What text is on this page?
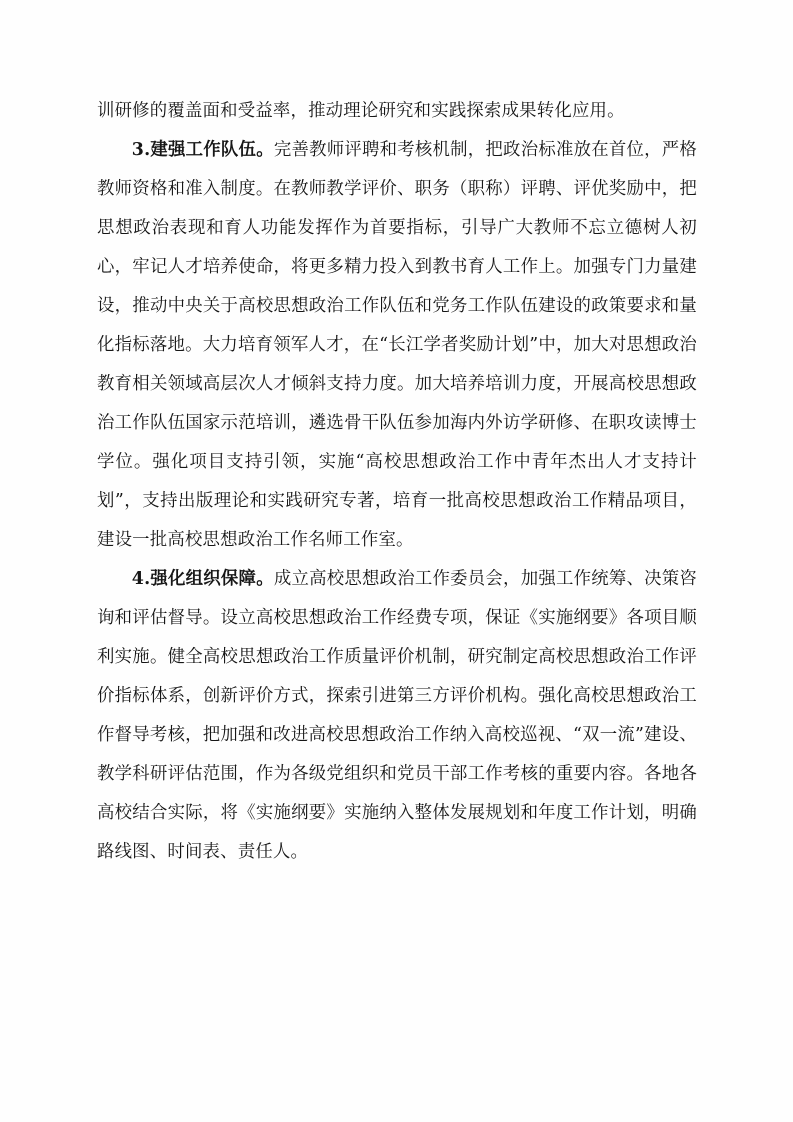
训研修的覆盖面和受益率，推动理论研究和实践探索成果转化应用。

3.建强工作队伍。完善教师评聘和考核机制，把政治标准放在首位，严格教师资格和准入制度。在教师教学评价、职务（职称）评聘、评优奖励中，把思想政治表现和育人功能发挥作为首要指标，引导广大教师不忘立德树人初心，牢记人才培养使命，将更多精力投入到教书育人工作上。加强专门力量建设，推动中央关于高校思想政治工作队伍和党务工作队伍建设的政策要求和量化指标落地。大力培育领军人才，在“长江学者奖励计划”中，加大对思想政治教育相关领域高层次人才倾斜支持力度。加大培养培训力度，开展高校思想政治工作队伍国家示范培训，遴选骨干队伍参加海内外访学研修、在职攻读博士学位。强化项目支持引领，实施“高校思想政治工作中青年杰出人才支持计划”，支持出版理论和实践研究专著，培育一批高校思想政治工作精品项目，建设一批高校思想政治工作名师工作室。

4.强化组织保障。成立高校思想政治工作委员会，加强工作统筹、决策咨询和评估督导。设立高校思想政治工作经费专项，保证《实施纲要》各项目顺利实施。健全高校思想政治工作质量评价机制，研究制定高校思想政治工作评价指标体系，创新评价方式，探索引进第三方评价机构。强化高校思想政治工作督导考核，把加强和改进高校思想政治工作纳入高校巡视、“双一流”建设、教学科研评估范围，作为各级党组织和党员干部工作考核的重要内容。各地各高校结合实际，将《实施纲要》实施纳入整体发展规划和年度工作计划，明确路线图、时间表、责任人。
